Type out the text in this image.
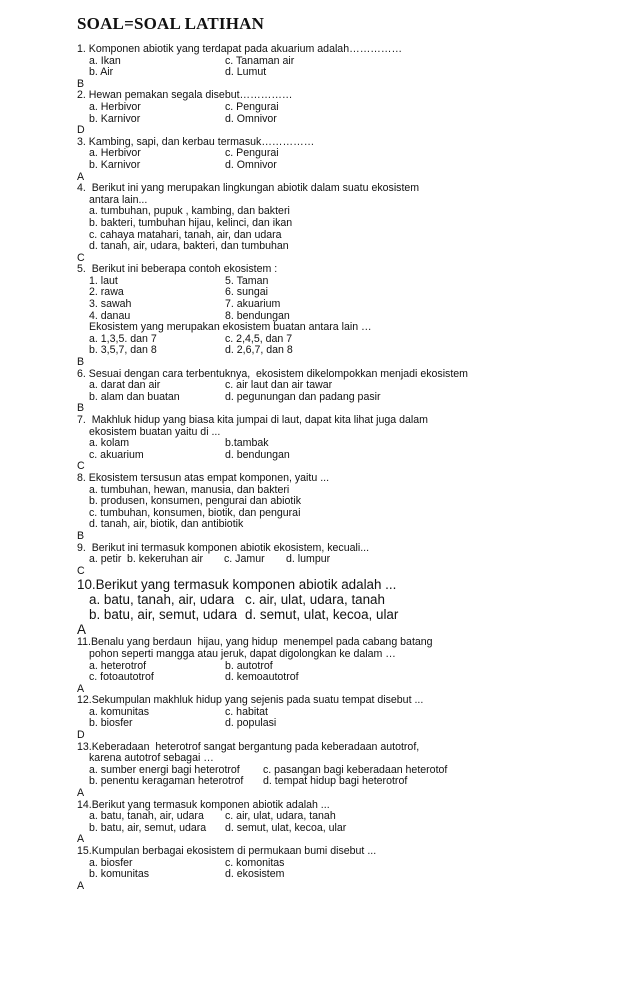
SOAL=SOAL LATIHAN
1. Komponen abiotik yang terdapat pada akuarium adalah……………
a. Ikan	c. Tanaman air
b. Air	d. Lumut
B
2. Hewan pemakan segala disebut……………
a. Herbivor	c. Pengurai
b. Karnivor	d. Omnivor
D
3. Kambing, sapi, dan kerbau termasuk……………
a. Herbivor	c. Pengurai
b. Karnivor	d. Omnivor
A
4.  Berikut ini yang merupakan lingkungan abiotik dalam suatu ekosistem
antara lain...
a. tumbuhan, pupuk , kambing, dan bakteri
b. bakteri, tumbuhan hijau, kelinci, dan ikan
c. cahaya matahari, tanah, air, dan udara
d. tanah, air, udara, bakteri, dan tumbuhan
C
5.  Berikut ini beberapa contoh ekosistem :
1. laut	5. Taman
2. rawa	6. sungai
3. sawah	7. akuarium
4. danau	8. bendungan
Ekosistem yang merupakan ekosistem buatan antara lain …
a. 1,3,5. dan 7	c. 2,4,5, dan 7
b. 3,5,7, dan 8	d. 2,6,7, dan 8
B
6. Sesuai dengan cara terbentuknya,  ekosistem dikelompokkan menjadi ekosistem
a. darat dan air	c. air laut dan air tawar
b. alam dan buatan	d. pegunungan dan padang pasir
B
7.  Makhluk hidup yang biasa kita jumpai di laut, dapat kita lihat juga dalam
ekosistem buatan yaitu di ...
a. kolam	b.tambak
c. akuarium	d. bendungan
C
8. Ekosistem tersusun atas empat komponen, yaitu ...
a. tumbuhan, hewan, manusia, dan bakteri
b. produsen, konsumen, pengurai dan abiotik
c. tumbuhan, konsumen, biotik, dan pengurai
d. tanah, air, biotik, dan antibiotik
B
9.  Berikut ini termasuk komponen abiotik ekosistem, kecuali...
a. petir b. kekeruhan air	c. Jamur	d. lumpur
C
10.Berikut yang termasuk komponen abiotik adalah ...
a. batu, tanah, air, udara c. air, ulat, udara, tanah
b. batu, air, semut, udara d. semut, ulat, kecoa, ular
A
11.Benalu yang berdaun  hijau, yang hidup  menempel pada cabang batang
pohon seperti mangga atau jeruk, dapat digolongkan ke dalam …
a. heterotrof	b. autotrof
c. fotoautotrof	d. kemoautotrof
A
12.Sekumpulan makhluk hidup yang sejenis pada suatu tempat disebut ...
a. komunitas	c. habitat
b. biosfer	d. populasi
D
13.Keberadaan  heterotrof sangat bergantung pada keberadaan autotrof,
karena autotrof sebagai …
a. sumber energi bagi heterotrof	c. pasangan bagi keberadaan heterotof
b. penentu keragaman heterotrof	d. tempat hidup bagi heterotrof
A
14.Berikut yang termasuk komponen abiotik adalah ...
a. batu, tanah, air, udara	c. air, ulat, udara, tanah
b. batu, air, semut, udara	d. semut, ulat, kecoa, ular
A
15.Kumpulan berbagai ekosistem di permukaan bumi disebut ...
a. biosfer	c. komonitas
b. komunitas	d. ekosistem
A
